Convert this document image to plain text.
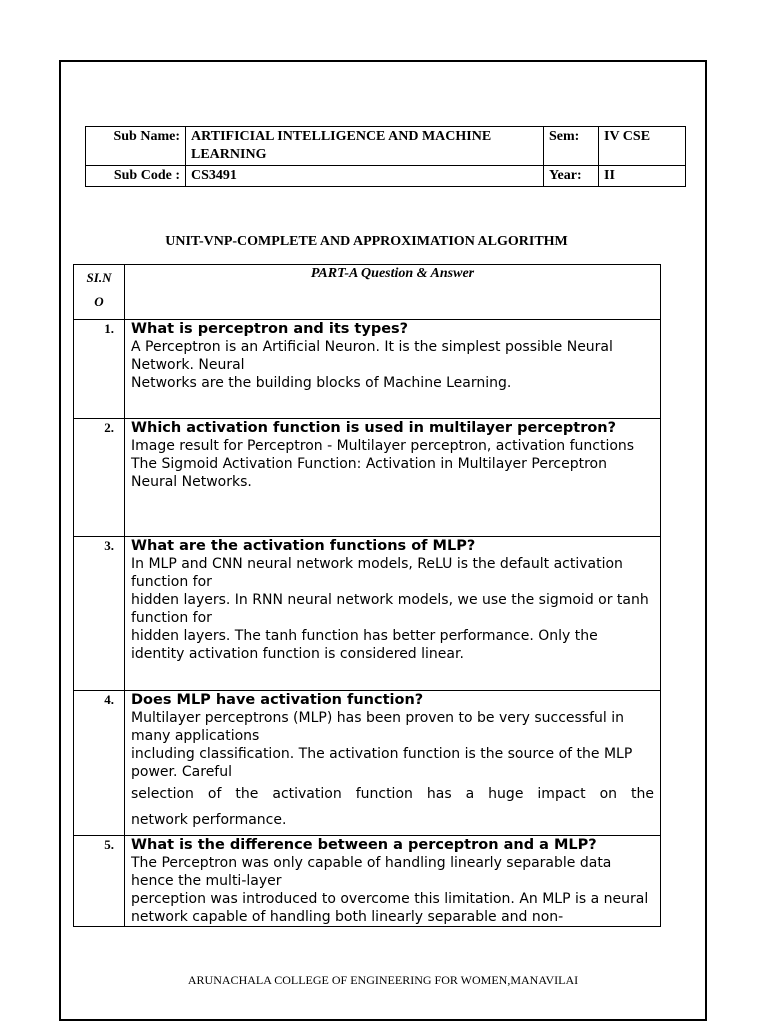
Sub Name:	ARTIFICIAL INTELLIGENCE AND MACHINE LEARNING	Sem:	IV CSE
Sub Code :	CS3491	Year:	II
UNIT-VNP-COMPLETE AND APPROXIMATION ALGORITHM
SI.N
O	PART-A Question & Answer
1.	What is perceptron and its types?
A Perceptron is an Artificial Neuron. It is the simplest possible Neural Network. Neural
Networks are the building blocks of Machine Learning.

2.	Which activation function is used in multilayer perceptron?
Image result for Perceptron - Multilayer perceptron, activation functions
The Sigmoid Activation Function: Activation in Multilayer Perceptron Neural Networks.

3.	What are the activation functions of MLP?
In MLP and CNN neural network models, ReLU is the default activation function for
hidden layers. In RNN neural network models, we use the sigmoid or tanh function for
hidden layers. The tanh function has better performance. Only the identity activation function is considered linear.

4.	Does MLP have activation function?
Multilayer perceptrons (MLP) has been proven to be very successful in many applications
including classification. The activation function is the source of the MLP power. Careful
selection of the activation function has a huge impact on the
network performance.

5.	What is the difference between a perceptron and a MLP?
The Perceptron was only capable of handling linearly separable data hence the multi-layer
perception was introduced to overcome this limitation. An MLP is a neural network capable of handling both linearly separable and non-
ARUNACHALA COLLEGE OF ENGINEERING FOR WOMEN,MANAVILAI
